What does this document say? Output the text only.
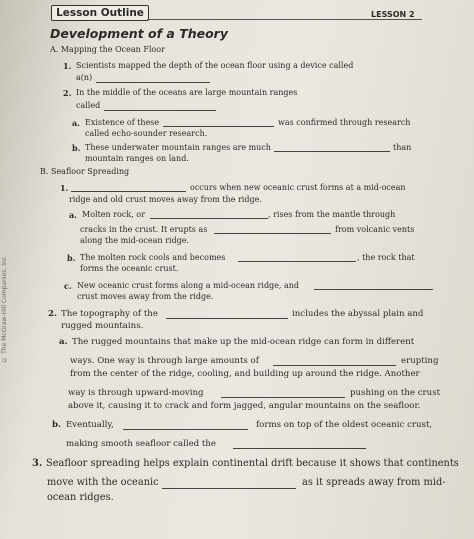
© The McGraw-Hill Companies, Inc.
Lesson Outline	LESSON 2
Development of a Theory
A. Mapping the Ocean Floor
1. Scientists mapped the depth of the ocean floor using a device called
a(n)
2. In the middle of the oceans are large mountain ranges
called
a. Existence of these	was confirmed through research
called echo-sounder research.
b. These underwater mountain ranges are much	than
mountain ranges on land.
B. Seafloor Spreading
1.	occurs when new oceanic crust forms at a mid-ocean
ridge and old crust moves away from the ridge.
a. Molten rock, or	, rises from the mantle through
cracks in the crust. It erupts as	from volcanic vents
along the mid-ocean ridge.
b. The molten rock cools and becomes	, the rock that
forms the oceanic crust.
c. New oceanic crust forms along a mid-ocean ridge, and
crust moves away from the ridge.
2. The topography of the	includes the abyssal plain and
rugged mountains.
a. The rugged mountains that make up the mid-ocean ridge can form in different
ways. One way is through large amounts of	erupting
from the center of the ridge, cooling, and building up around the ridge. Another
way is through upward-moving	pushing on the crust
above it, causing it to crack and form jagged, angular mountains on the seafloor.
b. Eventually,	forms on top of the oldest oceanic crust,
making smooth seafloor called the
3. Seafloor spreading helps explain continental drift because it shows that continents
move with the oceanic	as it spreads away from mid-
ocean ridges.
